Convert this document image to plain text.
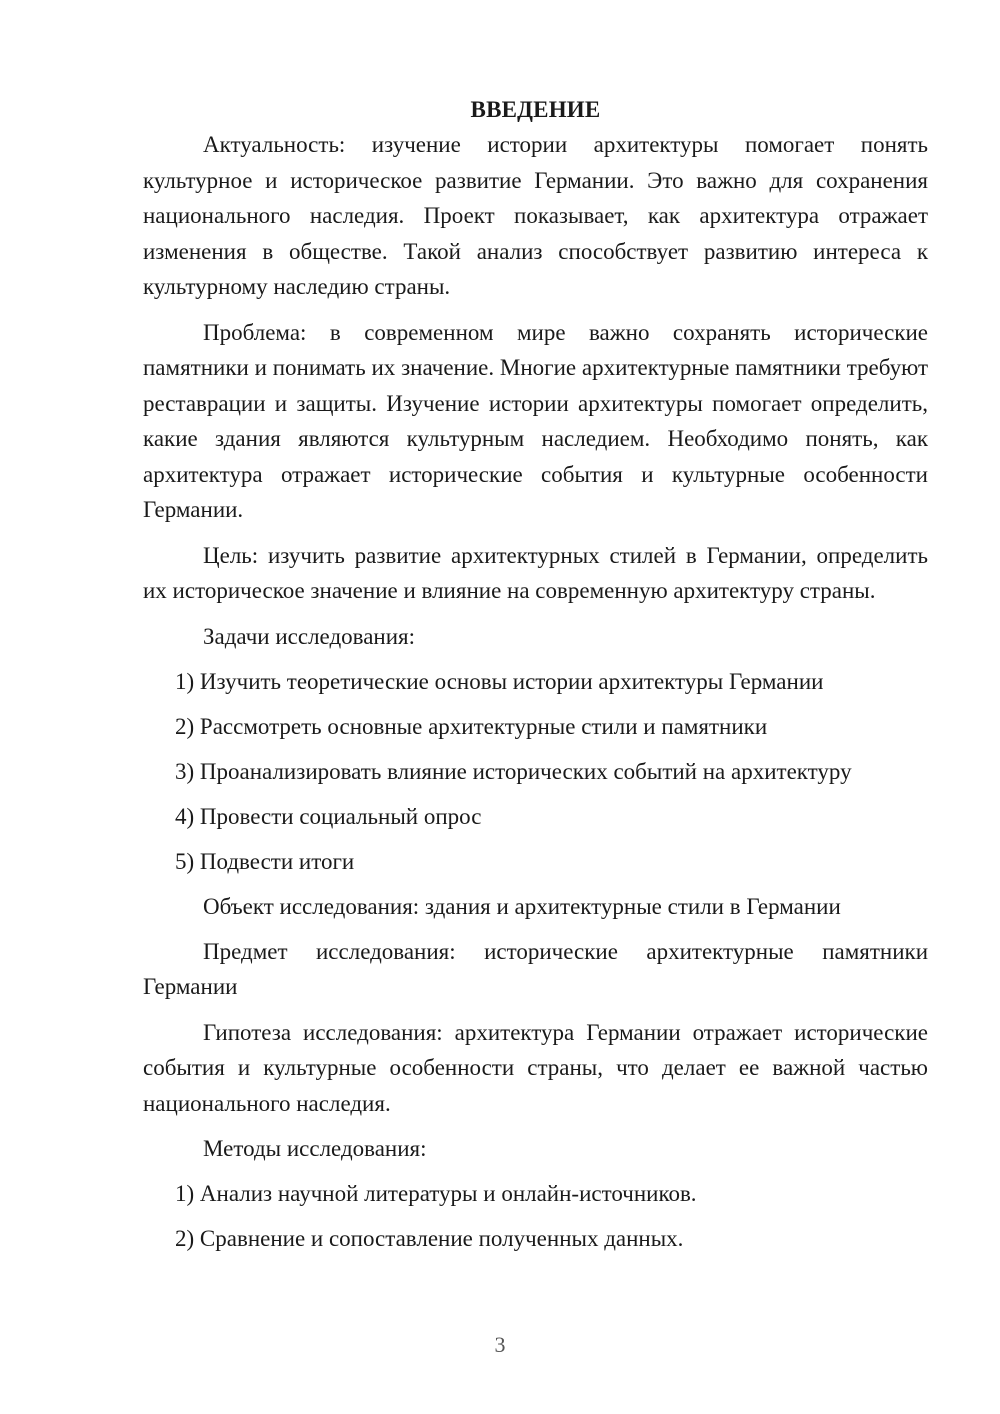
ВВЕДЕНИЕ

Актуальность: изучение истории архитектуры помогает понять культурное и историческое развитие Германии. Это важно для сохранения национального наследия. Проект показывает, как архитектура отражает изменения в обществе. Такой анализ способствует развитию интереса к культурному наследию страны.

Проблема: в современном мире важно сохранять исторические памятники и понимать их значение. Многие архитектурные памятники требуют реставрации и защиты. Изучение истории архитектуры помогает определить, какие здания являются культурным наследием. Необходимо понять, как архитектура отражает исторические события и культурные особенности Германии.

Цель: изучить развитие архитектурных стилей в Германии, определить их историческое значение и влияние на современную архитектуру страны.

Задачи исследования:
1) Изучить теоретические основы истории архитектуры Германии
2) Рассмотреть основные архитектурные стили и памятники
3) Проанализировать влияние исторических событий на архитектуру
4) Провести социальный опрос
5) Подвести итоги
Объект исследования: здания и архитектурные стили в Германии

Предмет исследования: исторические архитектурные памятники Германии

Гипотеза исследования: архитектура Германии отражает исторические события и культурные особенности страны, что делает ее важной частью национального наследия.

Методы исследования:
1) Анализ научной литературы и онлайн-источников.
2) Сравнение и сопоставление полученных данных.
3
